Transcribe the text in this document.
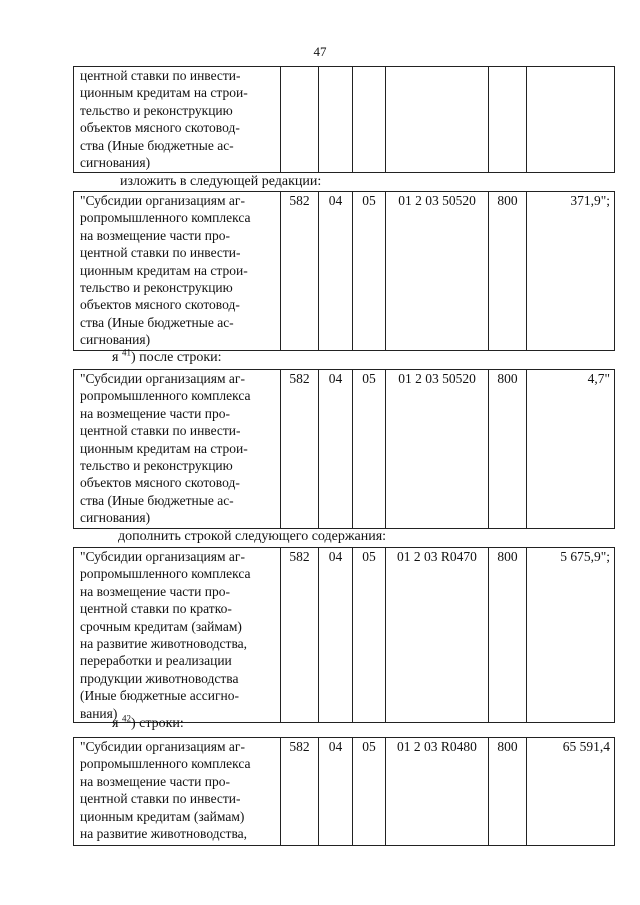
47
центной ставки по инвести-
ционным кредитам на строи-
тельство и реконструкцию
объектов мясного скотовод-
ства (Иные бюджетные ас-
сигнования)						
изложить в следующей редакции:
"Субсидии организациям аг-
ропромышленного комплекса
на возмещение части про-
центной ставки по инвести-
ционным кредитам на строи-
тельство и реконструкцию
объектов мясного скотовод-
ства (Иные бюджетные ас-
сигнования)	582	04	05	01 2 03 50520	800	371,9";
я $^{41}$) после строки:
"Субсидии организациям аг-
ропромышленного комплекса
на возмещение части про-
центной ставки по инвести-
ционным кредитам на строи-
тельство и реконструкцию
объектов мясного скотовод-
ства (Иные бюджетные ас-
сигнования)	582	04	05	01 2 03 50520	800	4,7"
дополнить строкой следующего содержания:
"Субсидии организациям аг-
ропромышленного комплекса
на возмещение части про-
центной ставки по кратко-
срочным кредитам (займам)
на развитие животноводства,
переработки и реализации
продукции животноводства
(Иные бюджетные ассигно-
вания)	582	04	05	01 2 03 R0470	800	5 675,9";
я $^{42}$) строки:
"Субсидии организациям аг-
ропромышленного комплекса
на возмещение части про-
центной ставки по инвести-
ционным кредитам (займам)
на развитие животноводства,	582	04	05	01 2 03 R0480	800	65 591,4
